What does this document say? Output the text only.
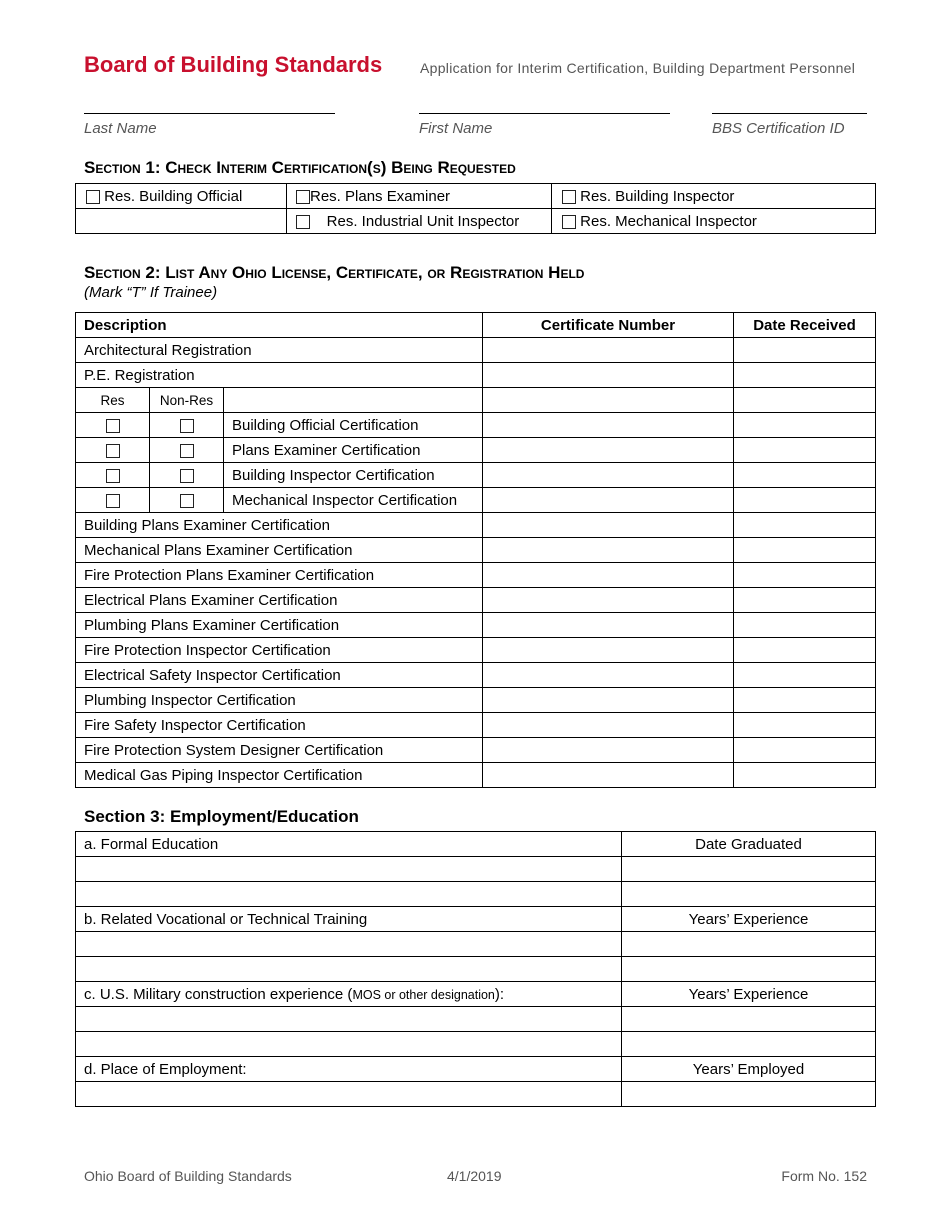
Board of Building Standards	Application for Interim Certification, Building Department Personnel
Last Name	First Name	BBS Certification ID
Section 1: Check Interim Certification(s) Being Requested
Res. Building Official	Res. Plans Examiner	Res. Building Inspector
	Res. Industrial Unit Inspector	Res. Mechanical Inspector
Section 2: List Any Ohio License, Certificate, or Registration Held
(Mark “T” If Trainee)
Description			Certificate Number	Date Received
Architectural Registration				
P.E. Registration				
Res	Non-Res			
		Building Official Certification		
		Plans Examiner Certification		
		Building Inspector Certification		
		Mechanical Inspector Certification		
Building Plans Examiner Certification				
Mechanical Plans Examiner Certification				
Fire Protection Plans Examiner Certification				
Electrical Plans Examiner Certification				
Plumbing Plans Examiner Certification				
Fire Protection Inspector Certification				
Electrical Safety Inspector Certification				
Plumbing Inspector Certification				
Fire Safety Inspector Certification				
Fire Protection System Designer Certification				
Medical Gas Piping Inspector Certification				
Section 3: Employment/Education
a. Formal Education	Date Graduated

b. Related Vocational or Technical Training	Years’ Experience

c. U.S. Military construction experience (MOS or other designation):	Years’ Experience

d. Place of Employment:	Years’ Employed

Ohio Board of Building Standards	4/1/2019	Form No. 152
